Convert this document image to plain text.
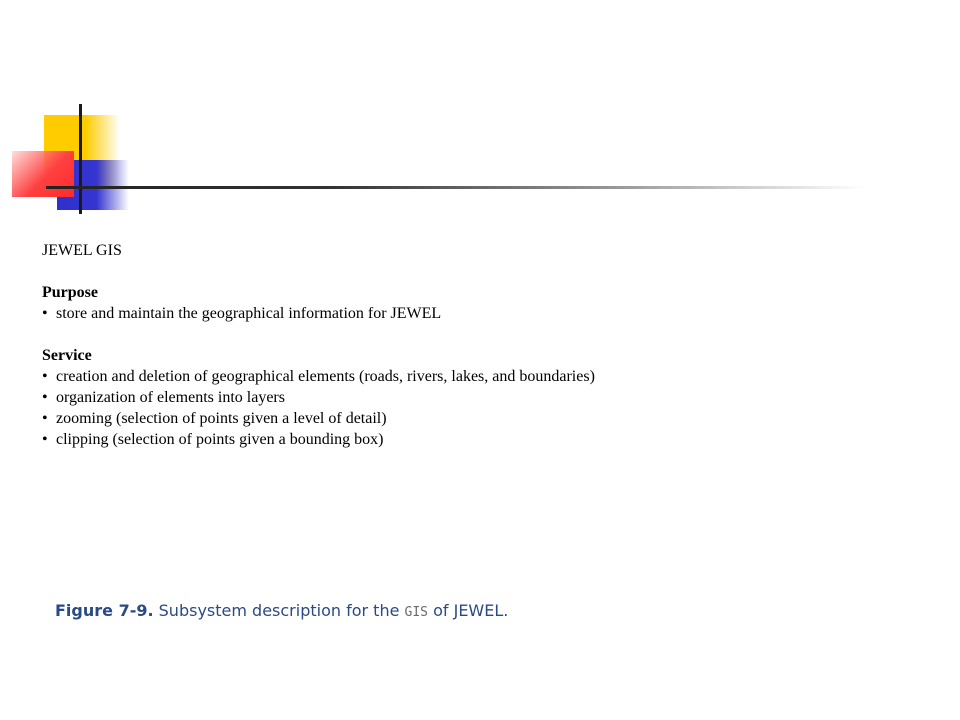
JEWEL GIS
Purpose
• store and maintain the geographical information for JEWEL
Service
• creation and deletion of geographical elements (roads, rivers, lakes, and boundaries)
• organization of elements into layers
• zooming (selection of points given a level of detail)
• clipping (selection of points given a bounding box)
Figure 7-9. Subsystem description for the GIS of JEWEL.
